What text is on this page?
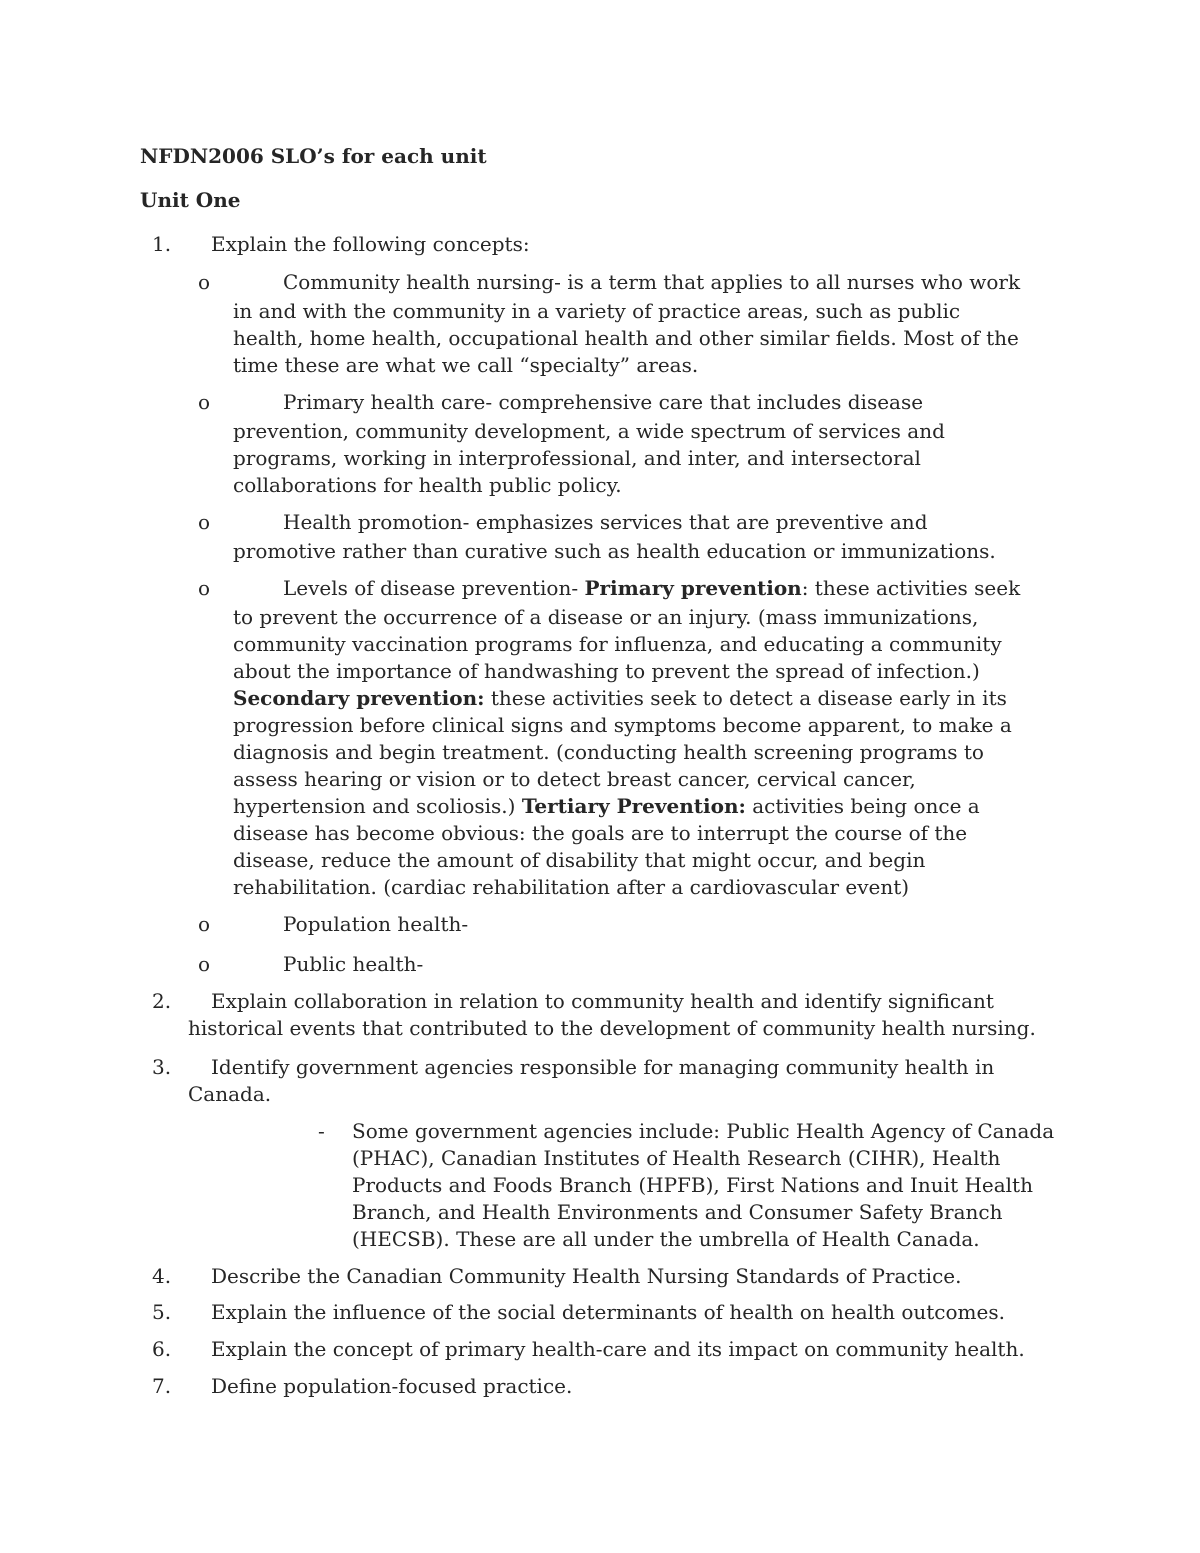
NFDN2006 SLO’s for each unit
Unit One
1. Explain the following concepts:
o	Community health nursing- is a term that applies to all nurses who work
in and with the community in a variety of practice areas, such as public
health, home health, occupational health and other similar fields. Most of the
time these are what we call “specialty” areas.
o	Primary health care- comprehensive care that includes disease
prevention, community development, a wide spectrum of services and
programs, working in interprofessional, and inter, and intersectoral
collaborations for health public policy.
o	Health promotion- emphasizes services that are preventive and
promotive rather than curative such as health education or immunizations.
o	Levels of disease prevention- Primary prevention: these activities seek
to prevent the occurrence of a disease or an injury. (mass immunizations,
community vaccination programs for influenza, and educating a community
about the importance of handwashing to prevent the spread of infection.)
Secondary prevention: these activities seek to detect a disease early in its
progression before clinical signs and symptoms become apparent, to make a
diagnosis and begin treatment. (conducting health screening programs to
assess hearing or vision or to detect breast cancer, cervical cancer,
hypertension and scoliosis.) Tertiary Prevention: activities being once a
disease has become obvious: the goals are to interrupt the course of the
disease, reduce the amount of disability that might occur, and begin
rehabilitation. (cardiac rehabilitation after a cardiovascular event)
o	Population health-
o	Public health-
2. Explain collaboration in relation to community health and identify significant
historical events that contributed to the development of community health nursing.
3. Identify government agencies responsible for managing community health in
Canada.
- Some government agencies include: Public Health Agency of Canada
(PHAC), Canadian Institutes of Health Research (CIHR), Health
Products and Foods Branch (HPFB), First Nations and Inuit Health
Branch, and Health Environments and Consumer Safety Branch
(HECSB). These are all under the umbrella of Health Canada.
4. Describe the Canadian Community Health Nursing Standards of Practice.
5. Explain the influence of the social determinants of health on health outcomes.
6. Explain the concept of primary health-care and its impact on community health.
7. Define population-focused practice.
